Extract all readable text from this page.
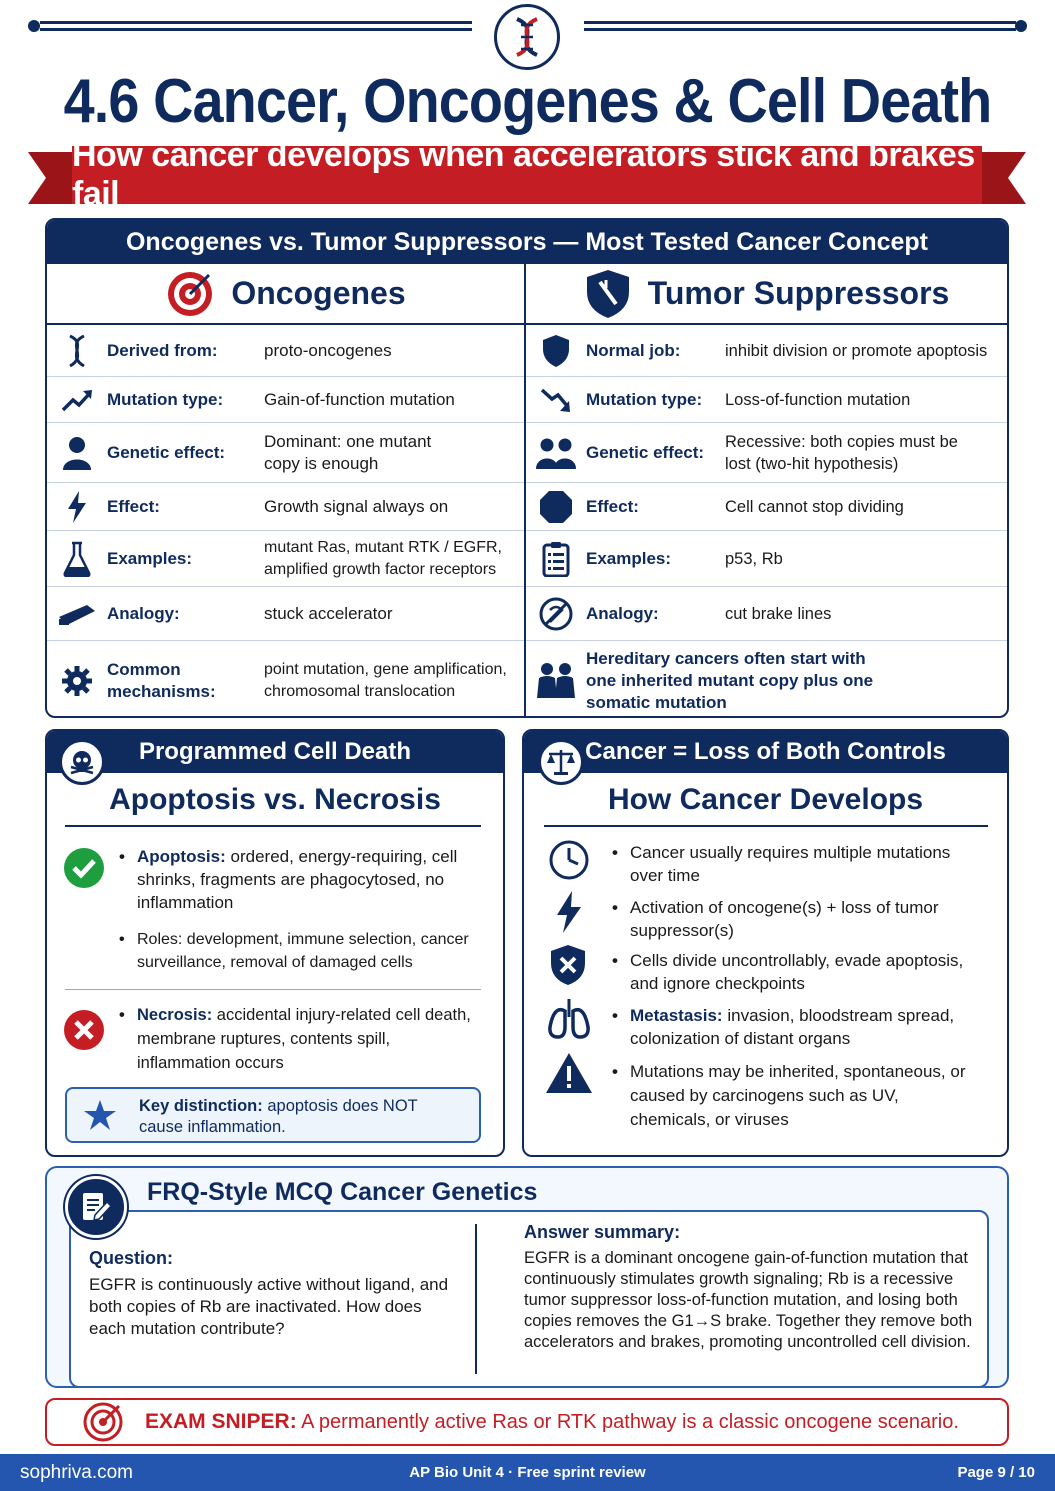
4.6 Cancer, Oncogenes & Cell Death
How cancer develops when accelerators stick and brakes fail
Oncogenes vs. Tumor Suppressors — Most Tested Cancer Concept
Oncogenes
Derived from:	proto-oncogenes
Mutation type:	Gain-of-function mutation
Genetic effect:
Dominant: one mutant copy is enough
Effect:	Growth signal always on
Examples:
mutant Ras, mutant RTK / EGFR, amplified growth factor receptors
Analogy:	stuck accelerator
Common mechanisms:
point mutation, gene amplification, chromosomal translocation
Tumor Suppressors
Normal job:	inhibit division or promote apoptosis
Mutation type:	Loss-of-function mutation
Genetic effect:
Recessive: both copies must be lost (two-hit hypothesis)
Effect:	Cell cannot stop dividing
Examples:	p53, Rb
Analogy:	cut brake lines
Hereditary cancers often start with one inherited mutant copy plus one somatic mutation
Programmed Cell Death
Apoptosis vs. Necrosis
• Apoptosis: ordered, energy-requiring, cell shrinks, fragments are phagocytosed, no inflammation
• Roles: development, immune selection, cancer surveillance, removal of damaged cells
• Necrosis: accidental injury-related cell death, membrane ruptures, contents spill, inflammation occurs
Key distinction: apoptosis does NOT cause inflammation.
Cancer = Loss of Both Controls
How Cancer Develops
• Cancer usually requires multiple mutations over time
• Activation of oncogene(s) + loss of tumor suppressor(s)
• Cells divide uncontrollably, evade apoptosis, and ignore checkpoints
• Metastasis: invasion, bloodstream spread, colonization of distant organs
• Mutations may be inherited, spontaneous, or caused by carcinogens such as UV, chemicals, or viruses
FRQ-Style MCQ Cancer Genetics
Question:
EGFR is continuously active without ligand, and both copies of Rb are inactivated. How does each mutation contribute?
Answer summary:
EGFR is a dominant oncogene gain-of-function mutation that continuously stimulates growth signaling; Rb is a recessive tumor suppressor loss-of-function mutation, and losing both copies removes the G1→S brake. Together they remove both accelerators and brakes, promoting uncontrolled cell division.
EXAM SNIPER: A permanently active Ras or RTK pathway is a classic oncogene scenario.
sophriva.com	AP Bio Unit 4 · Free sprint review	Page 9 / 10
